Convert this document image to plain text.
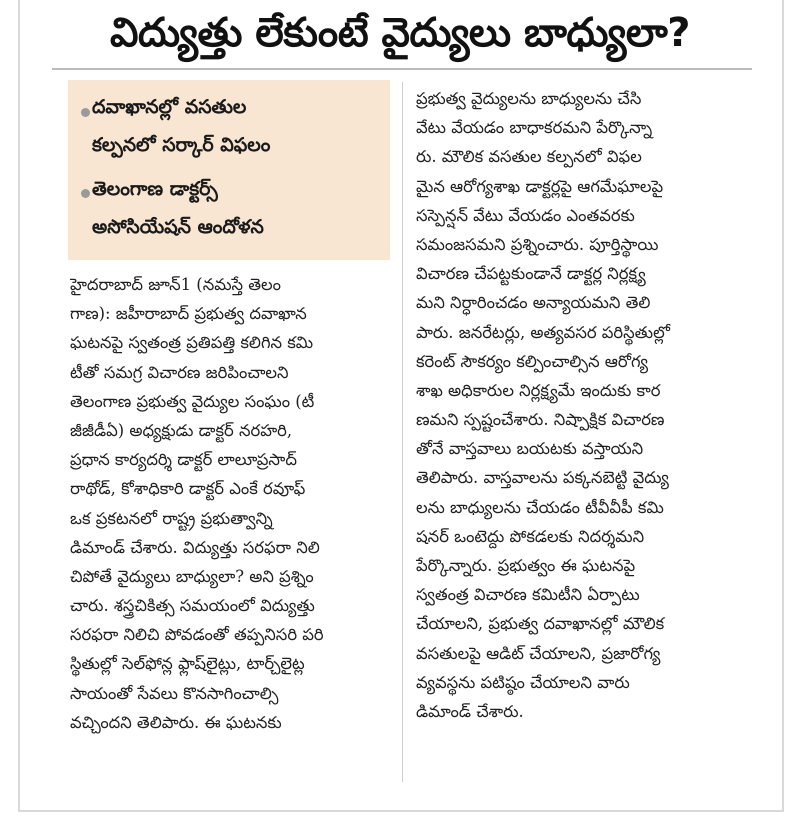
విద్యుత్తు లేకుంటే వైద్యులు బాధ్యులా?
దవాఖానల్లో వసతుల
కల్పనలో సర్కార్ విఫలం
తెలంగాణ డాక్టర్స్
అసోసియేషన్ ఆందోళన
హైదరాబాద్ జూన్1 (నమస్తే తెలం
గాణ): జహీరాబాద్ ప్రభుత్వ దవాఖాన
ఘటనపై స్వతంత్ర ప్రతిపత్తి కలిగిన కమి
టీతో సమగ్ర విచారణ జరిపించాలని
తెలంగాణ ప్రభుత్వ వైద్యుల సంఘం (టీ
జీజీడీఏ) అధ్యక్షుడు డాక్టర్ నరహరి,
ప్రధాన కార్యదర్శి డాక్టర్ లాలూప్రసాద్
రాథోడ్, కోశాధికారి డాక్టర్ ఎంకే రవూఫ్
ఒక ప్రకటనలో రాష్ట్ర ప్రభుత్వాన్ని
డిమాండ్ చేశారు. విద్యుత్తు సరఫరా నిలి
చిపోతే వైద్యులు బాధ్యులా? అని ప్రశ్నిం
చారు. శస్త్రచికిత్స సమయంలో విద్యుత్తు
సరఫరా నిలిచి పోవడంతో తప్పనిసరి పరి
స్థితుల్లో సెల్‌ఫోన్ల ఫ్లాష్‌లైట్లు, టార్చ్‌లైట్ల
సాయంతో సేవలు కొనసాగించాల్సి
వచ్చిందని తెలిపారు. ఈ ఘటనకు
ప్రభుత్వ వైద్యులను బాధ్యులను చేసి
వేటు వేయడం బాధాకరమని పేర్కొన్నా
రు. మౌలిక వసతుల కల్పనలో విఫల
మైన ఆరోగ్యశాఖ డాక్టర్లపై ఆగమేఘాలపై
సస్పెన్షన్ వేటు వేయడం ఎంతవరకు
సమంజసమని ప్రశ్నించారు. పూర్తిస్థాయి
విచారణ చేపట్టకుండానే డాక్టర్ల నిర్లక్ష్య
మని నిర్ధారించడం అన్యాయమని తెలి
పారు. జనరేటర్లు, అత్యవసర పరిస్థితుల్లో
కరెంట్ సౌకర్యం కల్పించాల్సిన ఆరోగ్య
శాఖ అధికారుల నిర్లక్ష్యమే ఇందుకు కార
ణమని స్పష్టంచేశారు. నిష్పాక్షిక విచారణ
తోనే వాస్తవాలు బయటకు వస్తాయని
తెలిపారు. వాస్తవాలను పక్కనబెట్టి వైద్యు
లను బాధ్యులను చేయడం టీవీవీపీ కమి
షనర్ ఒంటెద్దు పోకడలకు నిదర్శమని
పేర్కొన్నారు. ప్రభుత్వం ఈ ఘటనపై
స్వతంత్ర విచారణ కమిటీని ఏర్పాటు
చేయాలని, ప్రభుత్వ దవాఖానల్లో మౌలిక
వసతులపై ఆడిట్ చేయాలని, ప్రజారోగ్య
వ్యవస్థను పటిష్ఠం చేయాలని వారు
డిమాండ్ చేశారు.
